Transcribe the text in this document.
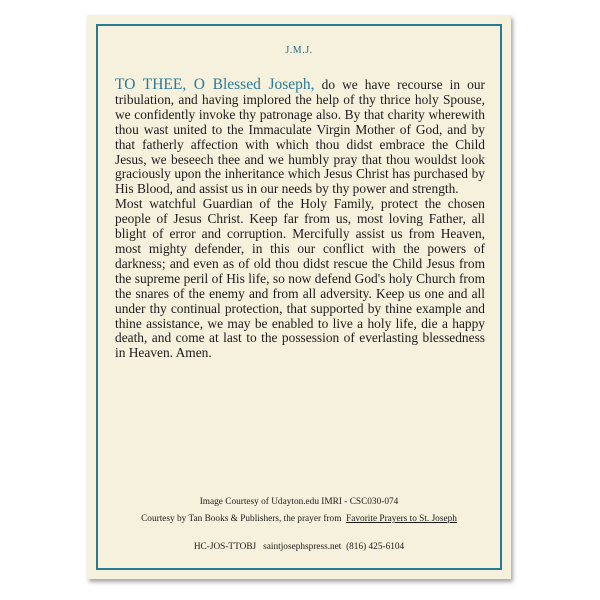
J.M.J.

TO THEE, O Blessed Joseph, do we have recourse in our tribulation, and having implored the help of thy thrice holy Spouse, we confidently invoke thy patronage also. By that charity wherewith thou wast united to the Immaculate Virgin Mother of God, and by that fatherly affection with which thou didst embrace the Child Jesus, we beseech thee and we humbly pray that thou wouldst look graciously upon the inheritance which Jesus Christ has purchased by His Blood, and assist us in our needs by thy power and strength.

Most watchful Guardian of the Holy Family, protect the chosen people of Jesus Christ. Keep far from us, most loving Father, all blight of error and corruption. Mercifully assist us from Heaven, most mighty defender, in this our conflict with the powers of darkness; and even as of old thou didst rescue the Child Jesus from the supreme peril of His life, so now defend God's holy Church from the snares of the enemy and from all adversity. Keep us one and all under thy continual protection, that supported by thine example and thine assistance, we may be enabled to live a holy life, die a happy death, and come at last to the possession of everlasting blessedness in Heaven. Amen.

Image Courtesy of Udayton.edu IMRI - CSC030-074
Courtesy by Tan Books & Publishers, the prayer from Favorite Prayers to St. Joseph
HC-JOS-TTOBJ saintjosephspress.net (816) 425-6104
